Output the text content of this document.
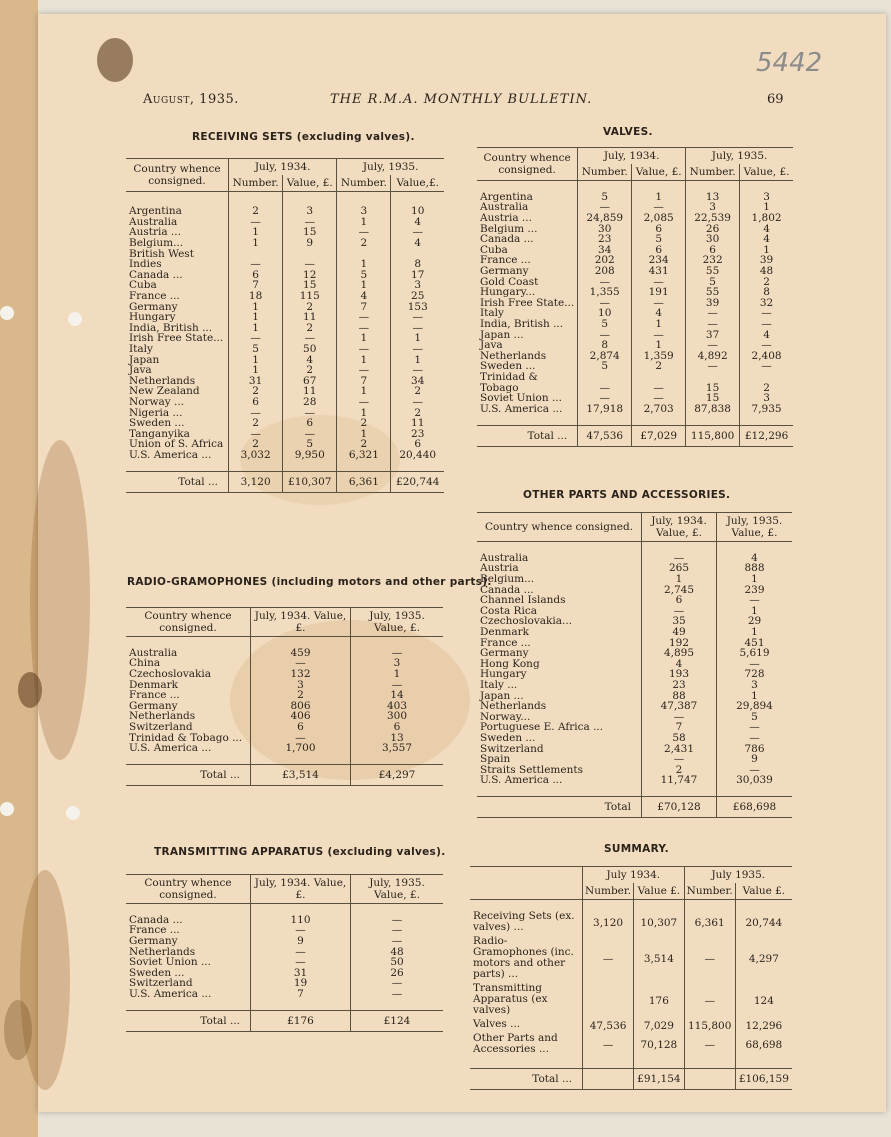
5442
August, 1935.	THE R.M.A. MONTHLY BULLETIN.	69
RECEIVING SETS (excluding valves).
Country whence consigned.	July, 1934.		July, 1935.	
	Number.	Value, £.	Number.	Value,£.

Argentina	2	3	3	10
Australia	—	—	1	4
Austria ...	1	15	—	—
Belgium...	1	9	2	4
British West				
Indies	—	—	1	8
Canada ...	6	12	5	17
Cuba	7	15	1	3
France ...	18	115	4	25
Germany	1	2	7	153
Hungary	1	11	—	—
India, British ...	1	2	—	—
Irish Free State...	—	—	1	1
Italy	5	50	—	—
Japan	1	4	1	1
Java	1	2	—	—
Netherlands	31	67	7	34
New Zealand	2	11	1	2
Norway ...	6	28	—	—
Nigeria ...	—	—	1	2
Sweden ...	2	6	2	11
Tanganyika	—	—	1	23
Union of S. Africa	2	5	2	6
U.S. America ...	3,032	9,950	6,321	20,440

Total ...	3,120	£10,307	6,361	£20,744
VALVES.
Country whence consigned.	July, 1934.		July, 1935.	
	Number.	Value, £.	Number.	Value, £.

Argentina	5	1	13	3
Australia	—	—	3	1
Austria ...	24,859	2,085	22,539	1,802
Belgium ...	30	6	26	4
Canada ...	23	5	30	4
Cuba	34	6	6	1
France ...	202	234	232	39
Germany	208	431	55	48
Gold Coast	—	—	5	2
Hungary...	1,355	191	55	8
Irish Free State...	—	—	39	32
Italy	10	4	—	—
India, British ...	5	1	—	—
Japan ...	—	—	37	4
Java	8	1	—	—
Netherlands	2,874	1,359	4,892	2,408
Sweden ...	5	2	—	—
Trinidad &				
Tobago	—	—	15	2
Soviet Union ...	—	—	15	3
U.S. America ...	17,918	2,703	87,838	7,935

Total ...	47,536	£7,029	115,800	£12,296
OTHER PARTS AND ACCESSORIES.
Country whence consigned.	July, 1934. Value, £.	July, 1935. Value, £.

Australia	—	4
Austria	265	888
Belgium...	1	1
Canada ...	2,745	239
Channel Islands	6	—
Costa Rica	—	1
Czechoslovakia...	35	29
Denmark	49	1
France ...	192	451
Germany	4,895	5,619
Hong Kong	4	—
Hungary	193	728
Italy ...	23	3
Japan ...	88	1
Netherlands	47,387	29,894
Norway...	—	5
Portuguese E. Africa ...	7	—
Sweden ...	58	—
Switzerland	2,431	786
Spain	—	9
Straits Settlements	2	—
U.S. America ...	11,747	30,039

Total	£70,128	£68,698
RADIO-GRAMOPHONES (including motors and other parts).
Country whence consigned.	July, 1934. Value, £.	July, 1935. Value, £.

Australia	459	—
China	—	3
Czechoslovakia	132	1
Denmark	3	—
France ...	2	14
Germany	806	403
Netherlands	406	300
Switzerland	6	6
Trinidad & Tobago ...	—	13
U.S. America ...	1,700	3,557

Total ...	£3,514	£4,297
TRANSMITTING APPARATUS (excluding valves).
Country whence consigned.	July, 1934. Value, £.	July, 1935. Value, £.

Canada ...	110	—
France ...	—	—
Germany	9	—
Netherlands	—	48
Soviet Union ...	—	50
Sweden ...	31	26
Switzerland	19	—
U.S. America ...	7	—

Total ...	£176	£124
SUMMARY.
	July 1934.		July 1935.	
	Number.	Value £.	Number.	Value £.

Receiving Sets (ex. valves) ...	3,120	10,307	6,361	20,744
Radio-Gramophones (inc. motors and other parts) ...	—	3,514	—	4,297
Transmitting Apparatus (ex valves)		176	—	124
Valves ...	47,536	7,029	115,800	12,296
Other Parts and Accessories ...	—	70,128	—	68,698

Total ...		£91,154		£106,159
